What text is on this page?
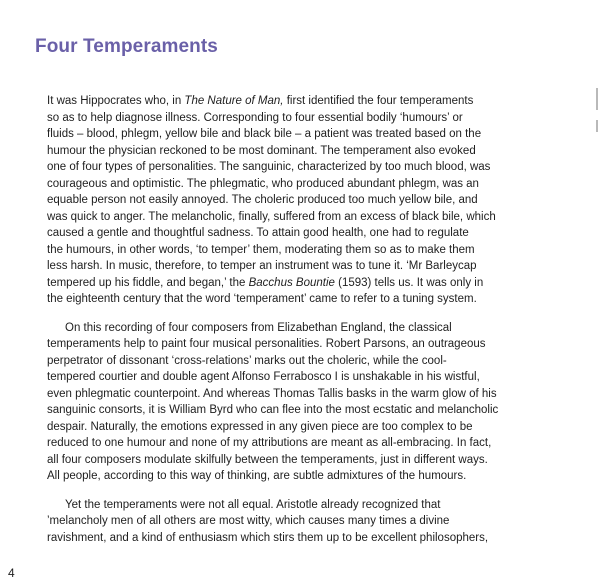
Four Temperaments

It was Hippocrates who, in The Nature of Man, first identified the four temperaments
so as to help diagnose illness. Corresponding to four essential bodily ‘humours’ or
fluids – blood, phlegm, yellow bile and black bile – a patient was treated based on the
humour the physician reckoned to be most dominant. The temperament also evoked
one of four types of personalities. The sanguinic, characterized by too much blood, was
courageous and optimistic. The phlegmatic, who produced abundant phlegm, was an
equable person not easily annoyed. The choleric produced too much yellow bile, and
was quick to anger. The melancholic, finally, suffered from an excess of black bile, which
caused a gentle and thoughtful sadness. To attain good health, one had to regulate
the humours, in other words, ‘to temper’ them, moderating them so as to make them
less harsh. In music, therefore, to temper an instrument was to tune it. ‘Mr Barleycap
tempered up his fiddle, and began,’ the Bacchus Bountie (1593) tells us. It was only in
the eighteenth century that the word ‘temperament’ came to refer to a tuning system.

On this recording of four composers from Elizabethan England, the classical
temperaments help to paint four musical personalities. Robert Parsons, an outrageous
perpetrator of dissonant ‘cross-relations’ marks out the choleric, while the cool-
tempered courtier and double agent Alfonso Ferrabosco I is unshakable in his wistful,
even phlegmatic counterpoint. And whereas Thomas Tallis basks in the warm glow of his
sanguinic consorts, it is William Byrd who can flee into the most ecstatic and melancholic
despair. Naturally, the emotions expressed in any given piece are too complex to be
reduced to one humour and none of my attributions are meant as all-embracing. In fact,
all four composers modulate skilfully between the temperaments, just in different ways.
All people, according to this way of thinking, are subtle admixtures of the humours.

Yet the temperaments were not all equal. Aristotle already recognized that
’melancholy men of all others are most witty, which causes many times a divine
ravishment, and a kind of enthusiasm which stirs them up to be excellent philosophers,

4
